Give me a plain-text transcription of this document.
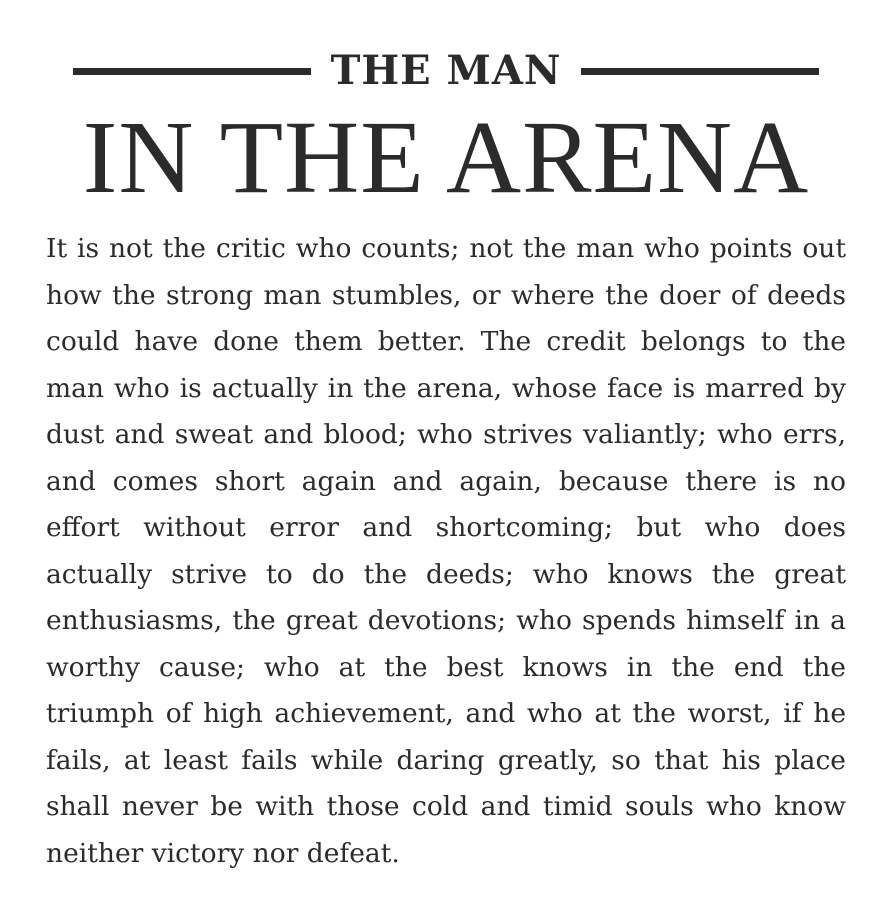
THE MAN
IN THE ARENA
It is not the critic who counts; not the man who points out how the strong man stumbles, or where the doer of deeds could have done them better. The credit belongs to the man who is actually in the arena, whose face is marred by dust and sweat and blood; who strives valiantly; who errs, and comes short again and again, because there is no effort without error and shortcoming; but who does actually strive to do the deeds; who knows the great enthusiasms, the great devotions; who spends himself in a worthy cause; who at the best knows in the end the triumph of high achievement, and who at the worst, if he fails, at least fails while daring greatly, so that his place shall never be with those cold and timid souls who know neither victory nor defeat.
